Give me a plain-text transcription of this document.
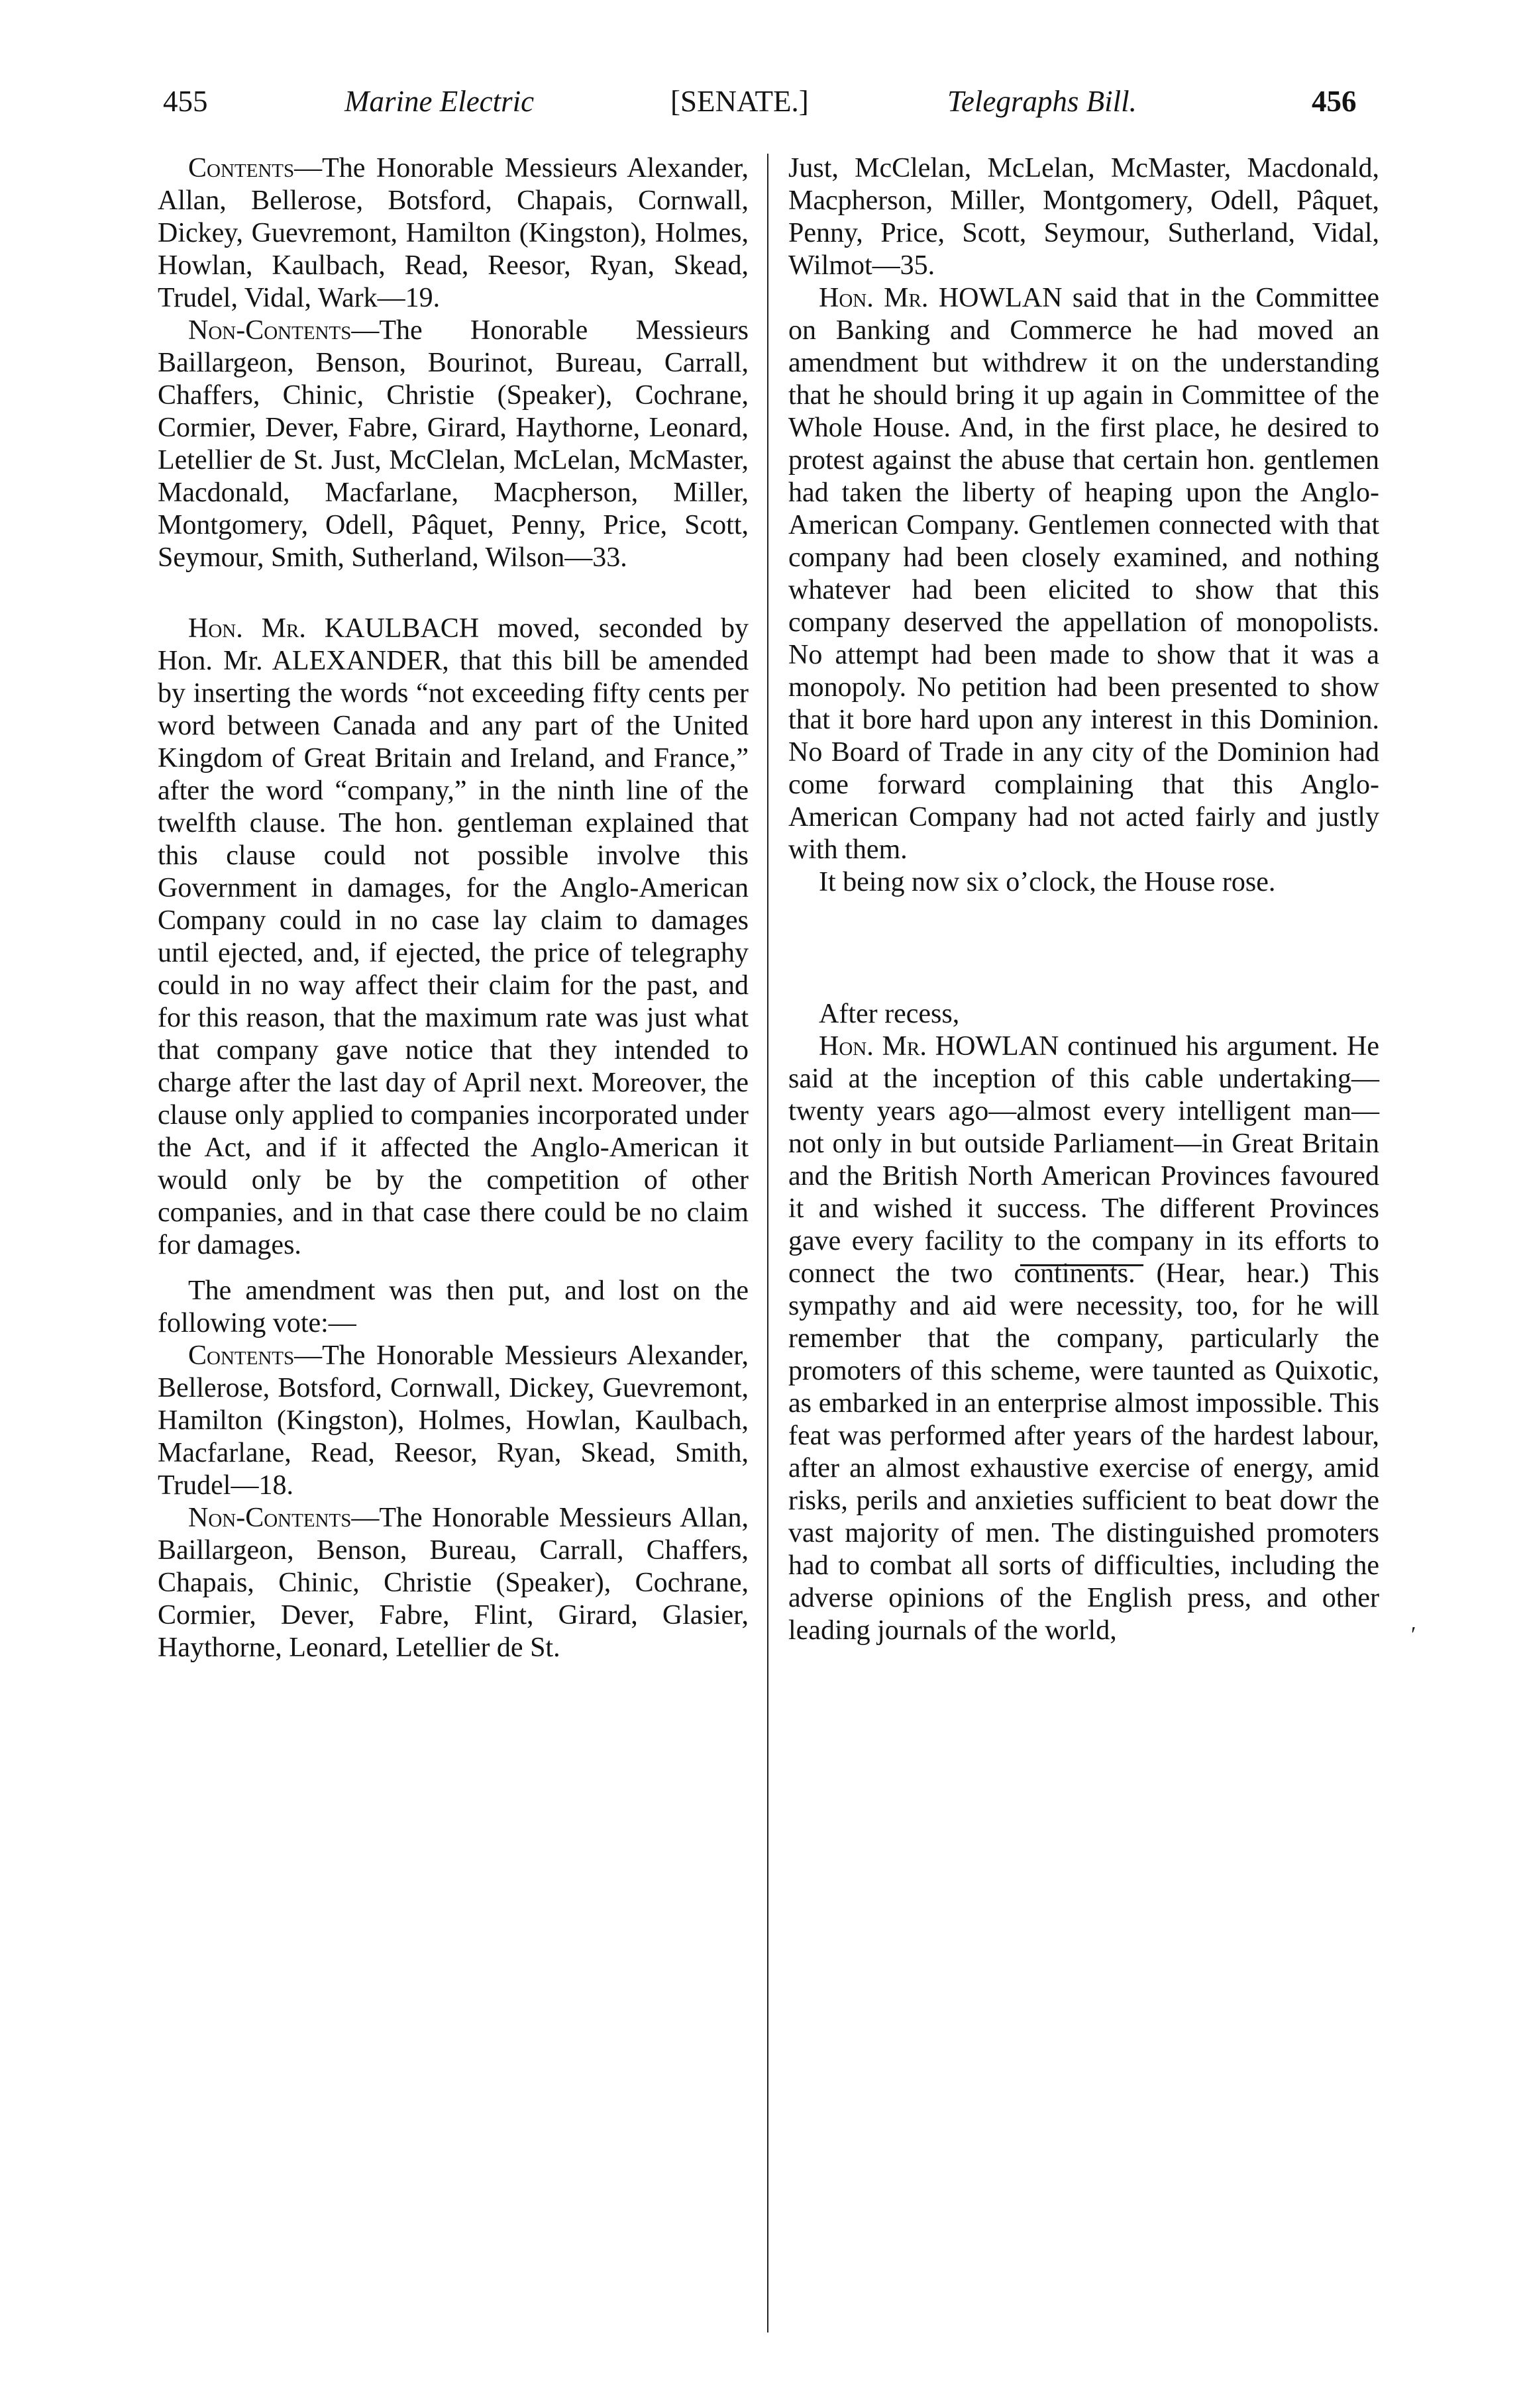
455	Marine Electric	[SENATE.]	Telegraphs Bill.	456

Contents—The Honorable Messieurs Alexander, Allan, Bellerose, Botsford, Chapais, Cornwall, Dickey, Guevremont, Hamilton (Kingston), Holmes, Howlan, Kaulbach, Read, Reesor, Ryan, Skead, Trudel, Vidal, Wark—19.

Non-Contents—The Honorable Messieurs Baillargeon, Benson, Bourinot, Bureau, Carrall, Chaffers, Chinic, Christie (Speaker), Cochrane, Cormier, Dever, Fabre, Girard, Haythorne, Leonard, Letellier de St. Just, McClelan, McLelan, McMaster, Macdonald, Macfarlane, Macpherson, Miller, Montgomery, Odell, Pâquet, Penny, Price, Scott, Seymour, Smith, Sutherland, Wilson—33.

Hon. Mr. KAULBACH moved, seconded by Hon. Mr. ALEXANDER, that this bill be amended by inserting the words “not exceeding fifty cents per word between Canada and any part of the United Kingdom of Great Britain and Ireland, and France,” after the word “company,” in the ninth line of the twelfth clause. The hon. gentleman explained that this clause could not possible involve this Government in damages, for the Anglo-American Company could in no case lay claim to damages until ejected, and, if ejected, the price of telegraphy could in no way affect their claim for the past, and for this reason, that the maximum rate was just what that company gave notice that they intended to charge after the last day of April next. Moreover, the clause only applied to companies incorporated under the Act, and if it affected the Anglo-American it would only be by the competition of other companies, and in that case there could be no claim for damages.

The amendment was then put, and lost on the following vote:—

Contents—The Honorable Messieurs Alexander, Bellerose, Botsford, Cornwall, Dickey, Guevremont, Hamilton (Kingston), Holmes, Howlan, Kaulbach, Macfarlane, Read, Reesor, Ryan, Skead, Smith, Trudel—18.

Non-Contents—The Honorable Messieurs Allan, Baillargeon, Benson, Bureau, Carrall, Chaffers, Chapais, Chinic, Christie (Speaker), Cochrane, Cormier, Dever, Fabre, Flint, Girard, Glasier, Haythorne, Leonard, Letellier de St.

Just, McClelan, McLelan, McMaster, Macdonald, Macpherson, Miller, Montgomery, Odell, Pâquet, Penny, Price, Scott, Seymour, Sutherland, Vidal, Wilmot—35.

Hon. Mr. HOWLAN said that in the Committee on Banking and Commerce he had moved an amendment but withdrew it on the understanding that he should bring it up again in Committee of the Whole House. And, in the first place, he desired to protest against the abuse that certain hon. gentlemen had taken the liberty of heaping upon the Anglo-American Company. Gentlemen connected with that company had been closely examined, and nothing whatever had been elicited to show that this company deserved the appellation of monopolists. No attempt had been made to show that it was a monopoly. No petition had been presented to show that it bore hard upon any interest in this Dominion. No Board of Trade in any city of the Dominion had come forward complaining that this Anglo-American Company had not acted fairly and justly with them.

It being now six o’clock, the House rose.

After recess,

Hon. Mr. HOWLAN continued his argument. He said at the inception of this cable undertaking—twenty years ago—almost every intelligent man—not only in but outside Parliament—in Great Britain and the British North American Provinces favoured it and wished it success. The different Provinces gave every facility to the company in its efforts to connect the two continents. (Hear, hear.) This sympathy and aid were necessity, too, for he will remember that the company, particularly the promoters of this scheme, were taunted as Quixotic, as embarked in an enterprise almost impossible. This feat was performed after years of the hardest labour, after an almost exhaustive exercise of energy, amid risks, perils and anxieties sufficient to beat dowr the vast majority of men. The distinguished promoters had to combat all sorts of difficulties, including the adverse opinions of the English press, and other leading journals of the world,	′
